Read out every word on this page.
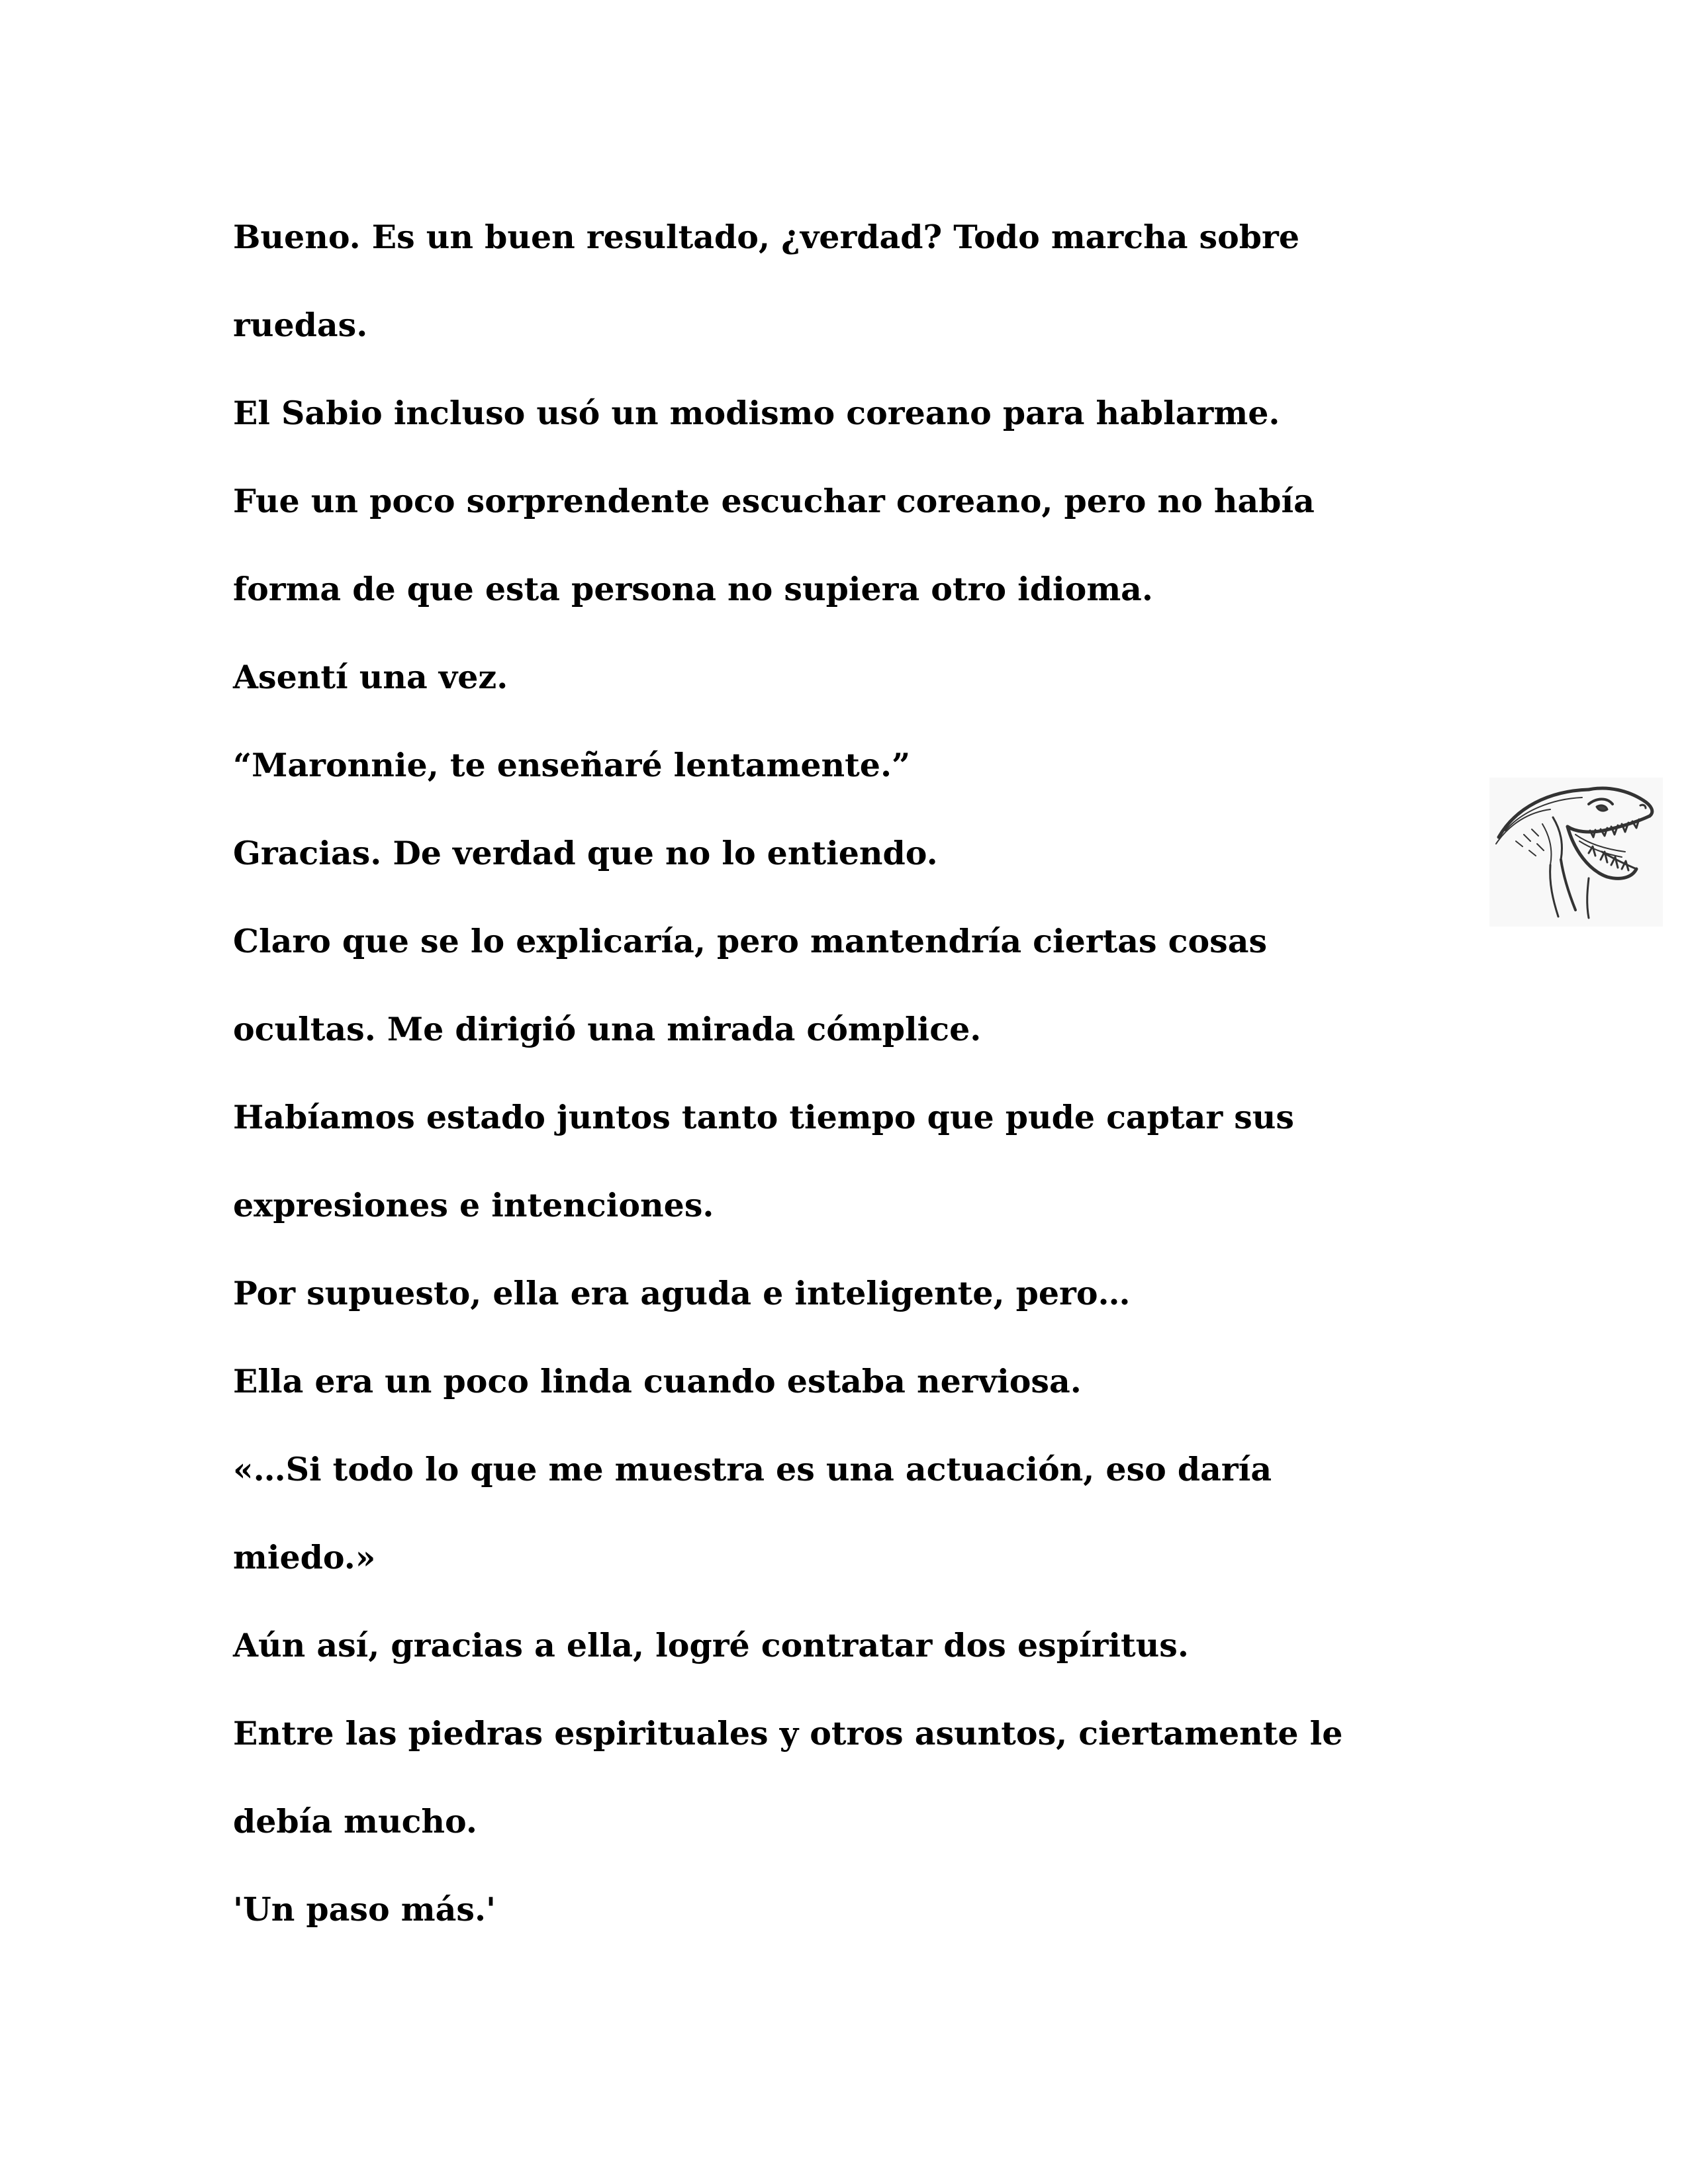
Bueno. Es un buen resultado, ¿verdad? Todo marcha sobre
ruedas.
El Sabio incluso usó un modismo coreano para hablarme.
Fue un poco sorprendente escuchar coreano, pero no había
forma de que esta persona no supiera otro idioma.
Asentí una vez.
“Maronnie, te enseñaré lentamente.”
Gracias. De verdad que no lo entiendo.
Claro que se lo explicaría, pero mantendría ciertas cosas
ocultas. Me dirigió una mirada cómplice.
Habíamos estado juntos tanto tiempo que pude captar sus
expresiones e intenciones.
Por supuesto, ella era aguda e inteligente, pero…
Ella era un poco linda cuando estaba nerviosa.
«…Si todo lo que me muestra es una actuación, eso daría
miedo.»
Aún así, gracias a ella, logré contratar dos espíritus.
Entre las piedras espirituales y otros asuntos, ciertamente le
debía mucho.
'Un paso más.'
